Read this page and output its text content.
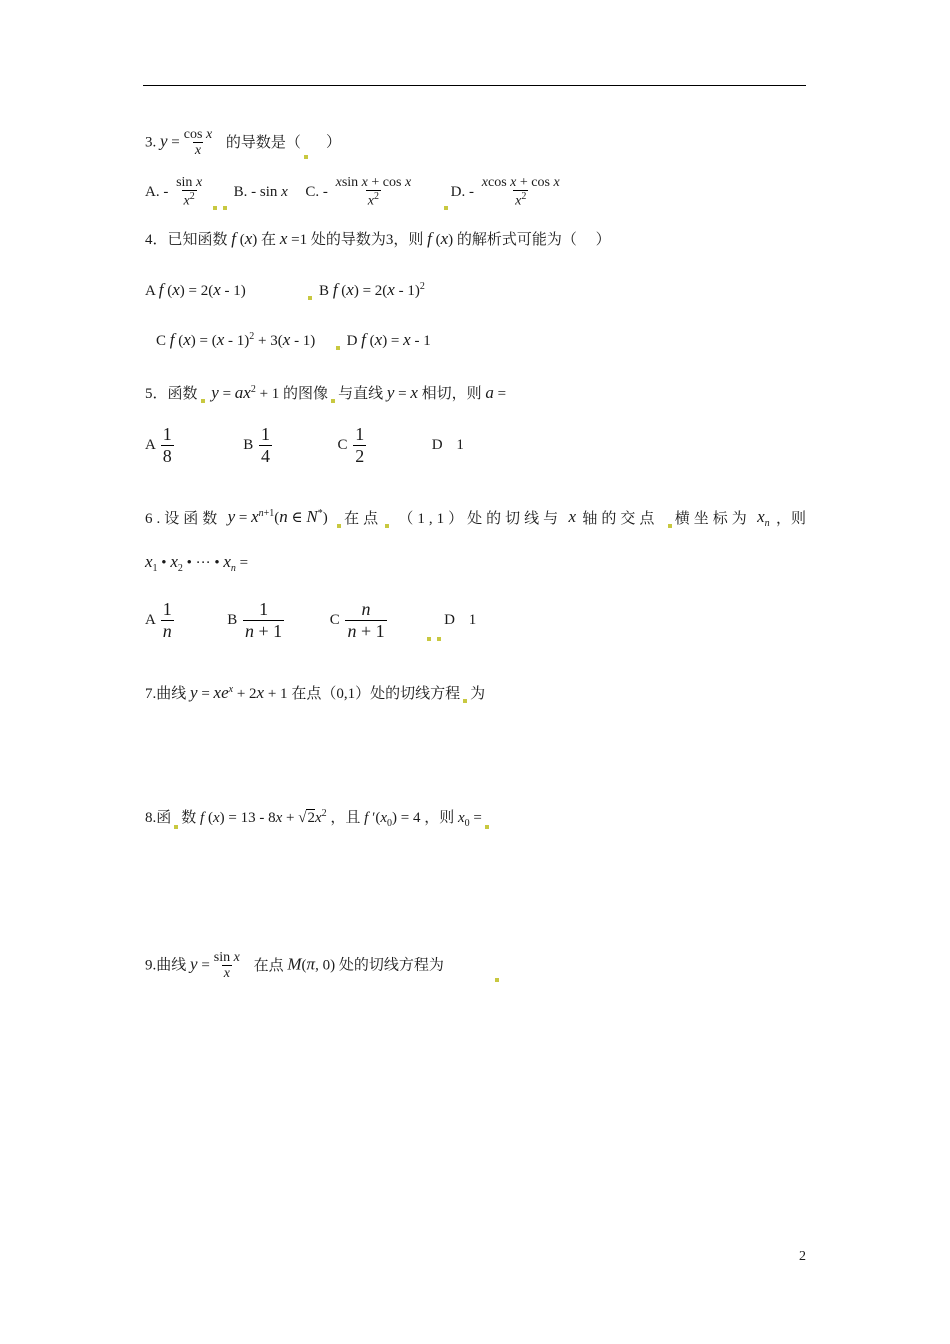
3. $y = \frac{\text{cos x}}{x}$ 的导数是（　 ）
A. - $\frac{\text{sin x}}{x^2} B$. - sin x C. - $\frac{\text{xsin x + cos x}}{x^2}$	D. - $\frac{\text{xcos x + cos x}}{x^2}$
4．已知函数 f (x) 在 x =1 处的导数为3，则 f (x) 的解析式可能为（　 ）
A f (x) = 2(x - 1)	B f (x) = 2(x - 1)$^2$
C f (x) = (x - 1)$^2$ + 3(x - 1)   D f (x) = x - 1
5．函数 $y = ax^2 + 1$ 的图像 与直线 y = x 相切，则 a =
A $\frac{1}{8}$	B $\frac{1}{4}$	C $\frac{1}{2}$	D 1
6.设函数 $y = x^{n+1}(n$ ∈ N*)	在点	（1,1）处的切线与 x 轴的交点	横坐标为 $x_n$ ，则
$x_1$ • $x_2$ • ··· • $x_n$ =
A $\frac{1}{n}$	B $\frac{1}{n + 1}$	C $\frac{n}{n + 1}$	D 1
7.曲线 $y = xe^x + 2x + 1$ 在点（0,1）处的切线方程 为
8.函 数 f $(x) = 13 - 8x + √2x^2$ ，且 f $'(x_0) = 4$ ，则 $x_0$ =
9.曲线 $y = \frac{\text{sin x}}{x}$ 在点 M(π, 0) 处的切线方程为
2
